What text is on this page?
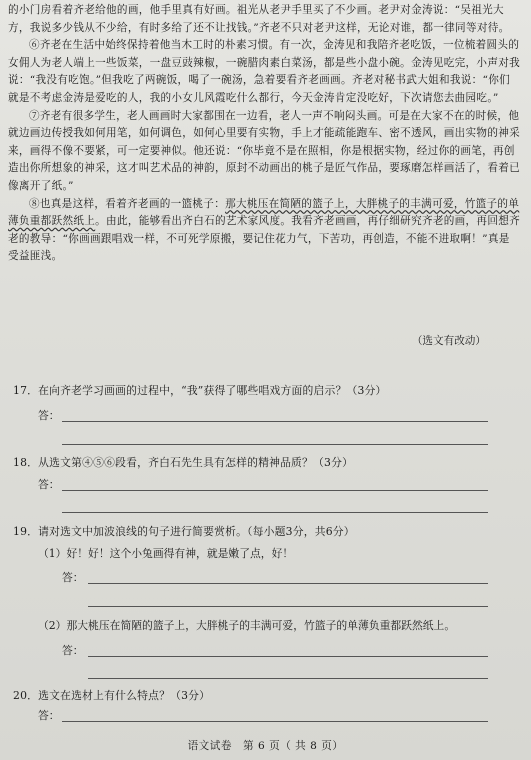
的小门房看着齐老给他的画，他手里真有好画。祖光从老尹手里买了不少画。老尹对金涛说：“吴祖光大方，我说多少钱从不少给，有时多给了还不让找钱。”齐老不只对老尹这样，无论对谁，都一律同等对待。

⑥齐老在生活中始终保持着他当木工时的朴素习惯。有一次，金涛见和我陪齐老吃饭，一位梳着圆头的女佣人为老人端上一些饭菜，一盘豆豉辣椒，一碗腊肉素白菜汤，都是些小盘小碗。金涛见吃完，小声对我说：“我没有吃饱。”但我吃了两碗饭，喝了一碗汤，急着要看齐老画画。齐老对秘书武大姐和我说：“你们就是不考虑金涛是爱吃的人，我的小女儿风霞吃什么都行，今天金涛肯定没吃好，下次请您去曲园吃。”

⑦齐老有很多学生，老人画画时大家都围在一边看，老人一声不响闷头画。可是在大家不在的时候，他就边画边传授我如何用笔，如何调色，如何心里要有实物，手上才能疏能跑车、密不透风，画出实物的神采来，画得不像不要紧，可一定要神似。他还说：“你毕竟不是在照相，你是根据实物，经过你的画笔，再创造出你所想象的神采，这才叫艺术品的神韵，原封不动画出的桃子是匠气作品，要琢磨怎样画活了，看着已像离开了纸。”

⑧也真是这样，看着齐老画的一篮桃子：那大桃压在简陋的篮子上，大胖桃子的丰满可爱，竹篮子的单薄负重都跃然纸上。由此，能够看出齐白石的艺术家风度。我看齐老画画，再仔细研究齐老的画，再回想齐老的教导：“你画画跟唱戏一样，不可死学原搬，要记住花力气，下苦功，再创造，不能不进取啊！”真是受益匪浅。

（选文有改动）
17．在向齐老学习画画的过程中，“我”获得了哪些唱戏方面的启示？（3分）
答：
18．从选文第④⑤⑥段看，齐白石先生具有怎样的精神品质？（3分）
答：
19．请对选文中加波浪线的句子进行简要赏析。（每小题3分，共6分）
（1）好！好！这个小兔画得有神，就是嫩了点，好！
答：
（2）那大桃压在简陋的篮子上，大胖桃子的丰满可爱，竹篮子的单薄负重都跃然纸上。
答：
20．选文在选材上有什么特点？（3分）
答：
语文试卷　第 6 页（ 共 8 页）
